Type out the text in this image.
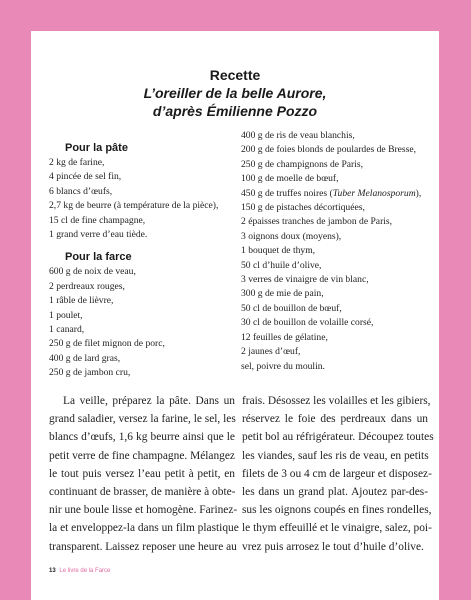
Recette
L’oreiller de la belle Aurore,
d’après Émilienne Pozzo
Pour la pâte
2 kg de farine,
4 pincée de sel fin,
6 blancs d’œufs,
2,7 kg de beurre (à température de la pièce),
15 cl de fine champagne,
1 grand verre d’eau tiède.
Pour la farce
600 g de noix de veau,
2 perdreaux rouges,
1 râble de lièvre,
1 poulet,
1 canard,
250 g de filet mignon de porc,
400 g de lard gras,
250 g de jambon cru,
400 g de ris de veau blanchis,
200 g de foies blonds de poulardes de Bresse,
250 g de champignons de Paris,
100 g de moelle de bœuf,
450 g de truffes noires (Tuber Melanosporum),
150 g de pistaches décortiquées,
2 épaisses tranches de jambon de Paris,
3 oignons doux (moyens),
1 bouquet de thym,
50 cl d’huile d’olive,
3 verres de vinaigre de vin blanc,
300 g de mie de pain,
50 cl de bouillon de bœuf,
30 cl de bouillon de volaille corsé,
12 feuilles de gélatine,
2 jaunes d’œuf,
sel, poivre du moulin.
La veille, préparez la pâte. Dans un
grand saladier, versez la farine, le sel, les
blancs d’œufs, 1,6 kg beurre ainsi que le
petit verre de fine champagne. Mélangez
le tout puis versez l’eau petit à petit, en
continuant de brasser, de manière à obte-
nir une boule lisse et homogène. Farinez-
la et enveloppez-la dans un film plastique
transparent. Laissez reposer une heure au
frais. Désossez les volailles et les gibiers,
réservez le foie des perdreaux dans un
petit bol au réfrigérateur. Découpez toutes
les viandes, sauf les ris de veau, en petits
filets de 3 ou 4 cm de largeur et disposez-
les dans un grand plat. Ajoutez par-des-
sus les oignons coupés en fines rondelles,
le thym effeuillé et le vinaigre, salez, poi-
vrez puis arrosez le tout d’huile d’olive.
13 Le livre de la Farce
